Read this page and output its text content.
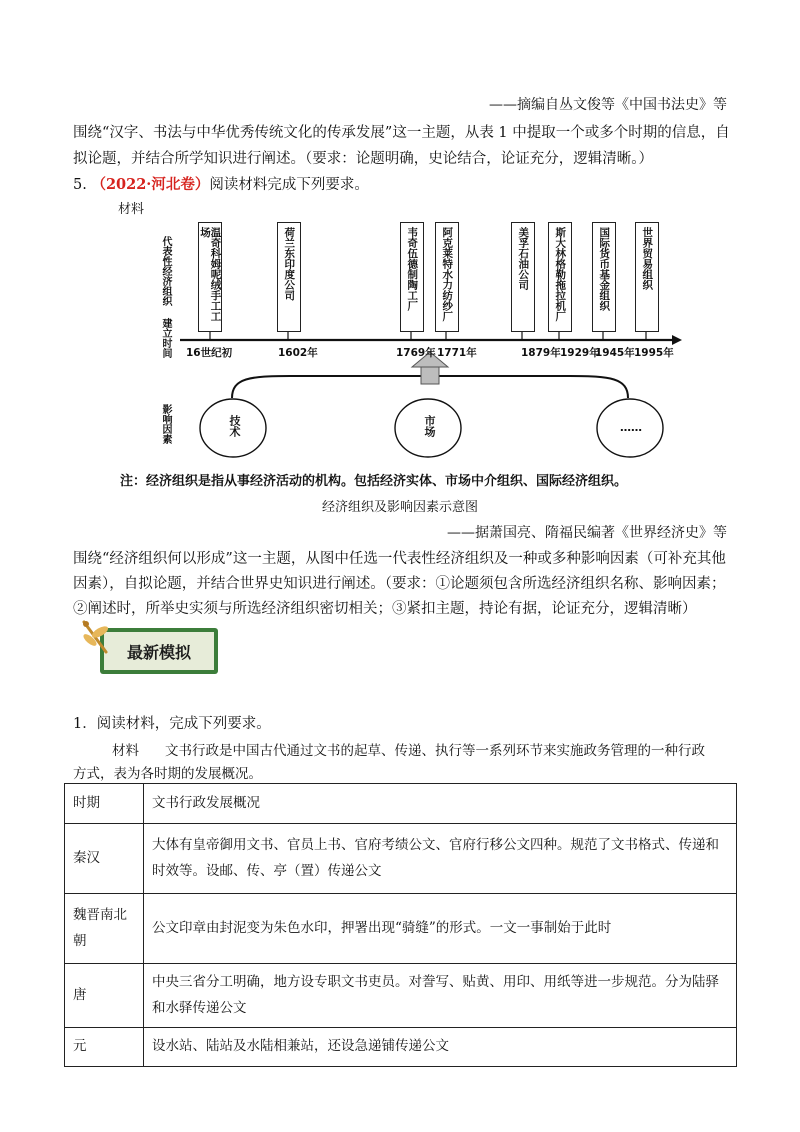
——摘编自丛文俊等《中国书法史》等
围绕“汉字、书法与中华优秀传统文化的传承发展”这一主题，从表 1 中提取一个或多个时期的信息，自
拟论题，并结合所学知识进行阐述。（要求：论题明确，史论结合，论证充分，逻辑清晰。）
5. （2022·河北卷）阅读材料完成下列要求。
材料
代表性经济组织
建立时间
影响因素
温奇科姆呢绒手工工场	荷兰东印度公司	韦奇伍德制陶工厂 阿克莱特水力纺纱厂	美孚石油公司 斯大林格勒拖拉机厂	国际货币基金组织	世界贸易组织
16世纪初	1602年	1769年 1771年	1879年 1929年
1945年 1995年
技术	市场	……
注：经济组织是指从事经济活动的机构。包括经济实体、市场中介组织、国际经济组织。
经济组织及影响因素示意图
——据萧国亮、隋福民编著《世界经济史》等
围绕“经济组织何以形成”这一主题，从图中任选一代表性经济组织及一种或多种影响因素（可补充其他
因素），自拟论题，并结合世界史知识进行阐述。（要求：①论题须包含所选经济组织名称、影响因素；
②阐述时，所举史实须与所选经济组织密切相关；③紧扣主题，持论有据，论证充分，逻辑清晰）
最新模拟
1．阅读材料，完成下列要求。
材料 文书行政是中国古代通过文书的起草、传递、执行等一系列环节来实施政务管理的一种行政
方式，表为各时期的发展概况。
时期	文书行政发展概况
秦汉	大体有皇帝御用文书、官员上书、官府考绩公文、官府行移公文四种。规范了文书格式、传递和时效等。设邮、传、亭（置）传递公文
魏晋南北朝	公文印章由封泥变为朱色水印，押署出现“骑缝”的形式。一文一事制始于此时
唐	中央三省分工明确，地方设专职文书吏员。对誊写、贴黄、用印、用纸等进一步规范。分为陆驿和水驿传递公文
元	设水站、陆站及水陆相兼站，还设急递铺传递公文
